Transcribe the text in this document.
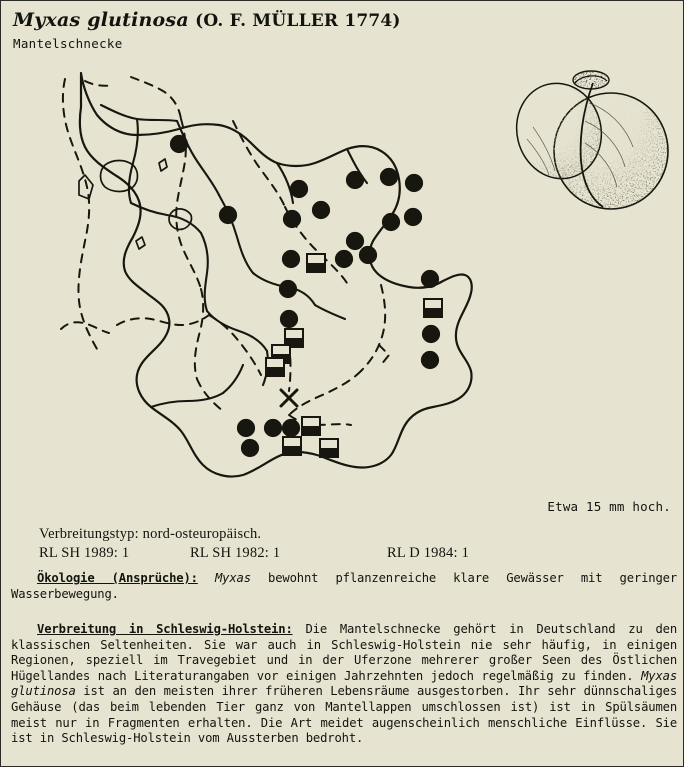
Myxas glutinosa (O. F. MÜLLER 1774)
Mantelschnecke
Etwa 15 mm hoch.
Verbreitungstyp: nord-osteuropäisch.
RL SH 1989: 1	RL SH 1982: 1	RL D 1984: 1
Ökologie (Ansprüche): Myxas bewohnt pflanzenreiche klare Gewässer mit geringer Wasserbewegung.
Verbreitung in Schleswig-Holstein: Die Mantelschnecke gehört in Deutschland zu den klassischen Seltenheiten. Sie war auch in Schleswig-Holstein nie sehr häufig, in einigen Regionen, speziell im Travegebiet und in der Uferzone mehrerer großer Seen des Östlichen Hügellandes nach Literaturangaben vor einigen Jahrzehnten jedoch regelmäßig zu finden. Myxas glutinosa ist an den meisten ihrer früheren Lebensräume ausgestorben. Ihr sehr dünnschaliges Gehäuse (das beim lebenden Tier ganz von Mantellappen umschlossen ist) ist in Spülsäumen meist nur in Fragmenten erhalten. Die Art meidet augenscheinlich menschliche Einflüsse. Sie ist in Schleswig-Holstein vom Aussterben bedroht.
